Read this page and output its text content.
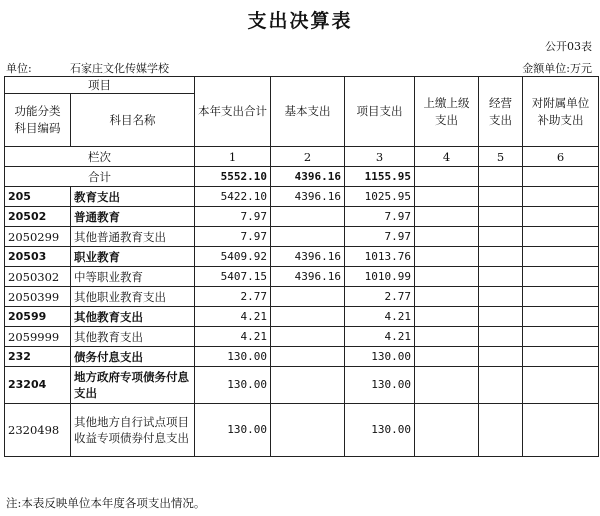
支出决算表
公开03表
单位:	石家庄文化传媒学校	金额单位:万元
项目		本年支出合计	基本支出	项目支出	上缴上级支出	经营支出	对附属单位补助支出
功能分类科目编码	科目名称						
栏次		1	2	3	4	5	6
合计		5552.10	4396.16	1155.95			
205	教育支出	5422.10	4396.16	1025.95			
20502	普通教育	7.97		7.97			
2050299	其他普通教育支出	7.97		7.97			
20503	职业教育	5409.92	4396.16	1013.76			
2050302	中等职业教育	5407.15	4396.16	1010.99			
2050399	其他职业教育支出	2.77		2.77			
20599	其他教育支出	4.21		4.21			
2059999	其他教育支出	4.21		4.21			
232	债务付息支出	130.00		130.00			
23204	地方政府专项债务付息支出	130.00		130.00			
2320498	其他地方自行试点项目收益专项债券付息支出	130.00		130.00			
注:本表反映单位本年度各项支出情况。
